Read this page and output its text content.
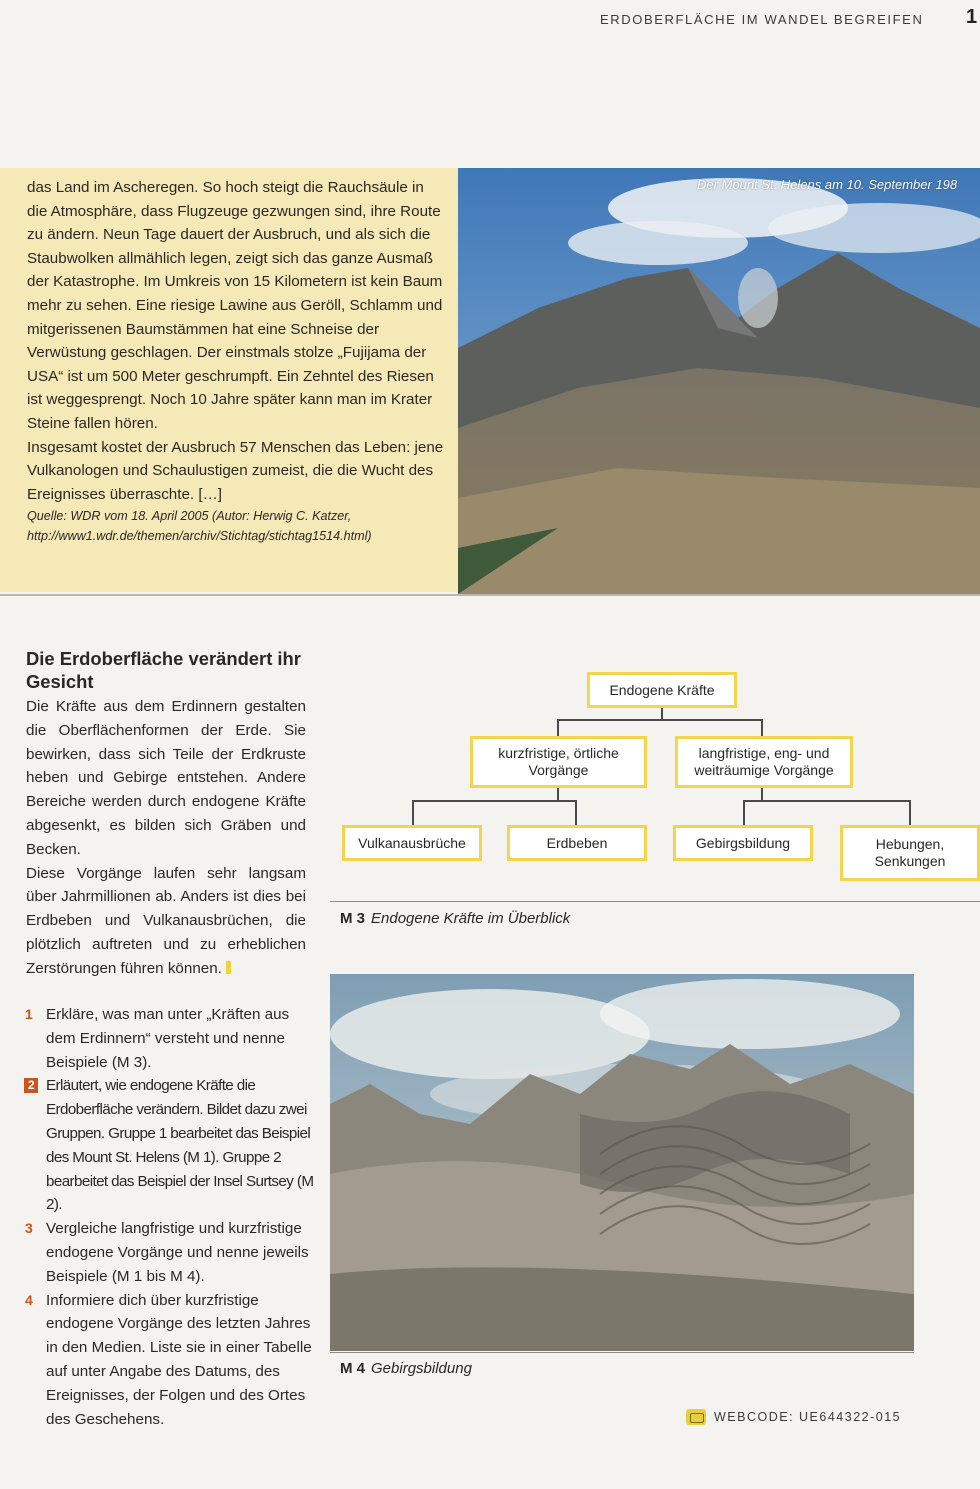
ERDOBERFLÄCHE IM WANDEL BEGREIFEN 1

das Land im Ascheregen. So hoch steigt die Rauchsäule in die Atmosphäre, dass Flugzeuge gezwungen sind, ihre Route zu ändern. Neun Tage dauert der Ausbruch, und als sich die Staubwolken allmählich legen, zeigt sich das ganze Ausmaß der Katastrophe. Im Umkreis von 15 Kilometern ist kein Baum mehr zu sehen. Eine riesige Lawine aus Geröll, Schlamm und mitgerissenen Baumstämmen hat eine Schneise der Verwüstung geschlagen. Der einstmals stolze „Fujijama der USA“ ist um 500 Meter geschrumpft. Ein Zehntel des Riesen ist weggesprengt. Noch 10 Jahre später kann man im Krater Steine fallen hören.

Insgesamt kostet der Ausbruch 57 Menschen das Leben: jene Vulkanologen und Schaulustigen zumeist, die die Wucht des Ereignisses überraschte. […]

Quelle: WDR vom 18. April 2005 (Autor: Herwig C. Katzer,
http://www1.wdr.de/themen/archiv/Stichtag/stichtag1514.html)
Der Mount St. Helens am 10. September 198
Die Erdoberfläche verändert ihr Gesicht

Die Kräfte aus dem Erdinnern gestalten die Oberflächenformen der Erde. Sie bewirken, dass sich Teile der Erdkruste heben und Gebirge entstehen. Andere Bereiche werden durch endogene Kräfte abgesenkt, es bilden sich Gräben und Becken.

Diese Vorgänge laufen sehr langsam über Jahrmillionen ab. Anders ist dies bei Erdbeben und Vulkanausbrüchen, die plötzlich auftreten und zu erheblichen Zerstörungen führen können.

1 Erkläre, was man unter „Kräften aus dem Erdinnern“ versteht und nenne Beispiele (M 3).

2 Erläutert, wie endogene Kräfte die Erdoberfläche verändern. Bildet dazu zwei Gruppen. Gruppe 1 bearbeitet das Beispiel des Mount St. Helens (M 1). Gruppe 2 bearbeitet das Beispiel der Insel Surtsey (M 2).

3 Vergleiche langfristige und kurzfristige endogene Vorgänge und nenne jeweils Beispiele (M 1 bis M 4).

4 Informiere dich über kurzfristige endogene Vorgänge des letzten Jahres in den Medien. Liste sie in einer Tabelle auf unter Angabe des Datums, des Ereignisses, der Folgen und des Ortes des Geschehens.

Endogene Kräfte
kurzfristige, örtliche Vorgänge
langfristige, eng- und weiträumige Vorgänge
Vulkanausbrüche	Erdbeben	Gebirgsbildung	Hebungen, Senkungen
M 3 Endogene Kräfte im Überblick
M 4 Gebirgsbildung
WEBCODE: UE644322-015
